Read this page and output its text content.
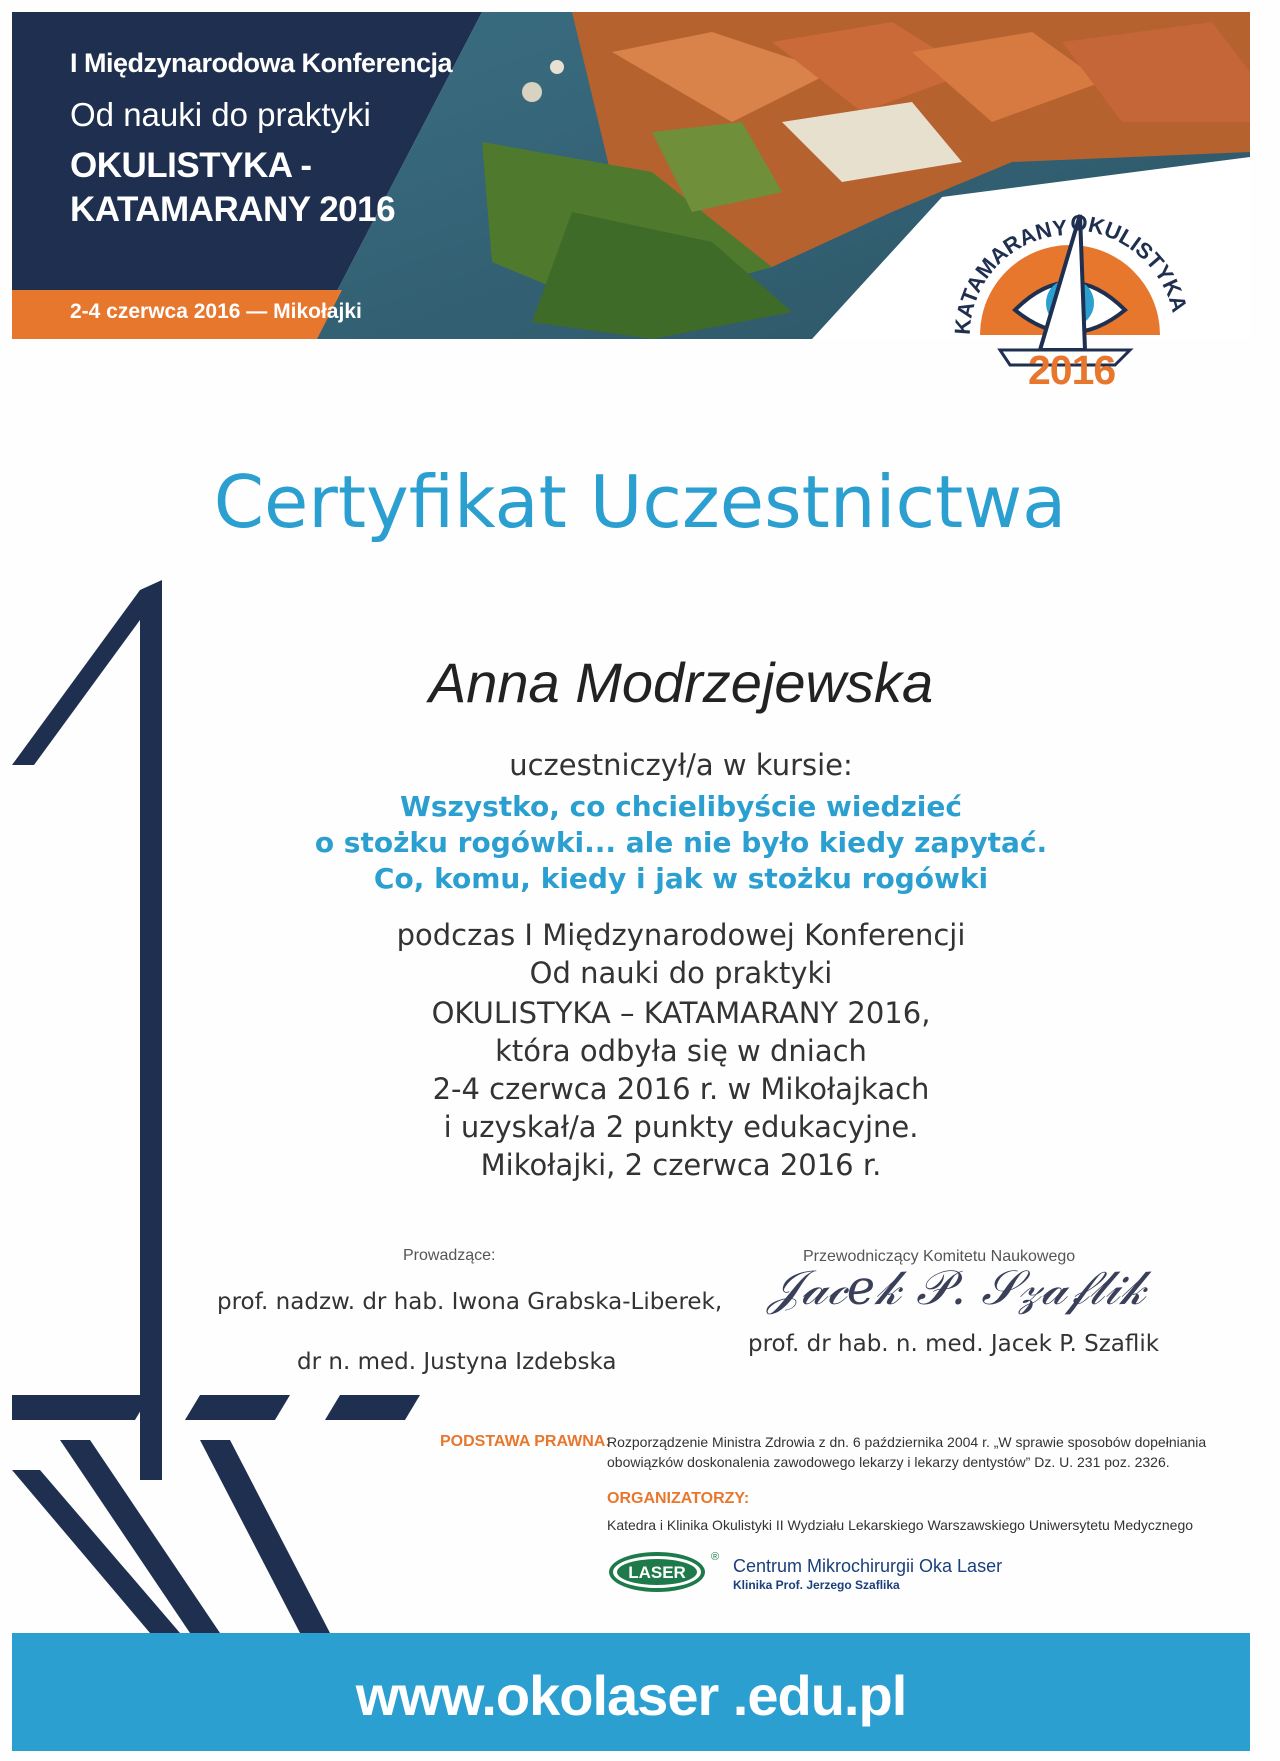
I Międzynarodowa Konferencja
Od nauki do praktyki
OKULISTYKA -
KATAMARANY 2016
2-4 czerwca 2016 — Mikołajki
KATAMARANY OKULISTYKA
2016
Certyfikat Uczestnictwa
Anna Modrzejewska
uczestniczył/a w kursie:
Wszystko, co chcielibyście wiedzieć
o stożku rogówki... ale nie było kiedy zapytać.
Co, komu, kiedy i jak w stożku rogówki
podczas I Międzynarodowej Konferencji
Od nauki do praktyki
OKULISTYKA – KATAMARANY 2016,
która odbyła się w dniach
2-4 czerwca 2016 r. w Mikołajkach
i uzyskał/a 2 punkty edukacyjne.
Mikołajki, 2 czerwca 2016 r.
Prowadzące:
prof. nadzw. dr hab. Iwona Grabska-Liberek,
dr n. med. Justyna Izdebska
Przewodniczący Komitetu Naukowego
𝒥𝒶𝒸𝑒𝓀 𝒫. 𝒮𝓏𝒶𝒻𝓁𝒾𝓀
prof. dr hab. n. med. Jacek P. Szaflik
PODSTAWA PRAWNA:
Rozporządzenie Ministra Zdrowia z dn. 6 października 2004 r. „W sprawie sposobów dopełniania
obowiązków doskonalenia zawodowego lekarzy i lekarzy dentystów” Dz. U. 231 poz. 2326.
ORGANIZATORZY:
Katedra i Klinika Okulistyki II Wydziału Lekarskiego Warszawskiego Uniwersytetu Medycznego
LASER
® Centrum Mikrochirurgii Oka Laser
Klinika Prof. Jerzego Szaflika
www.okolaser .edu.pl
